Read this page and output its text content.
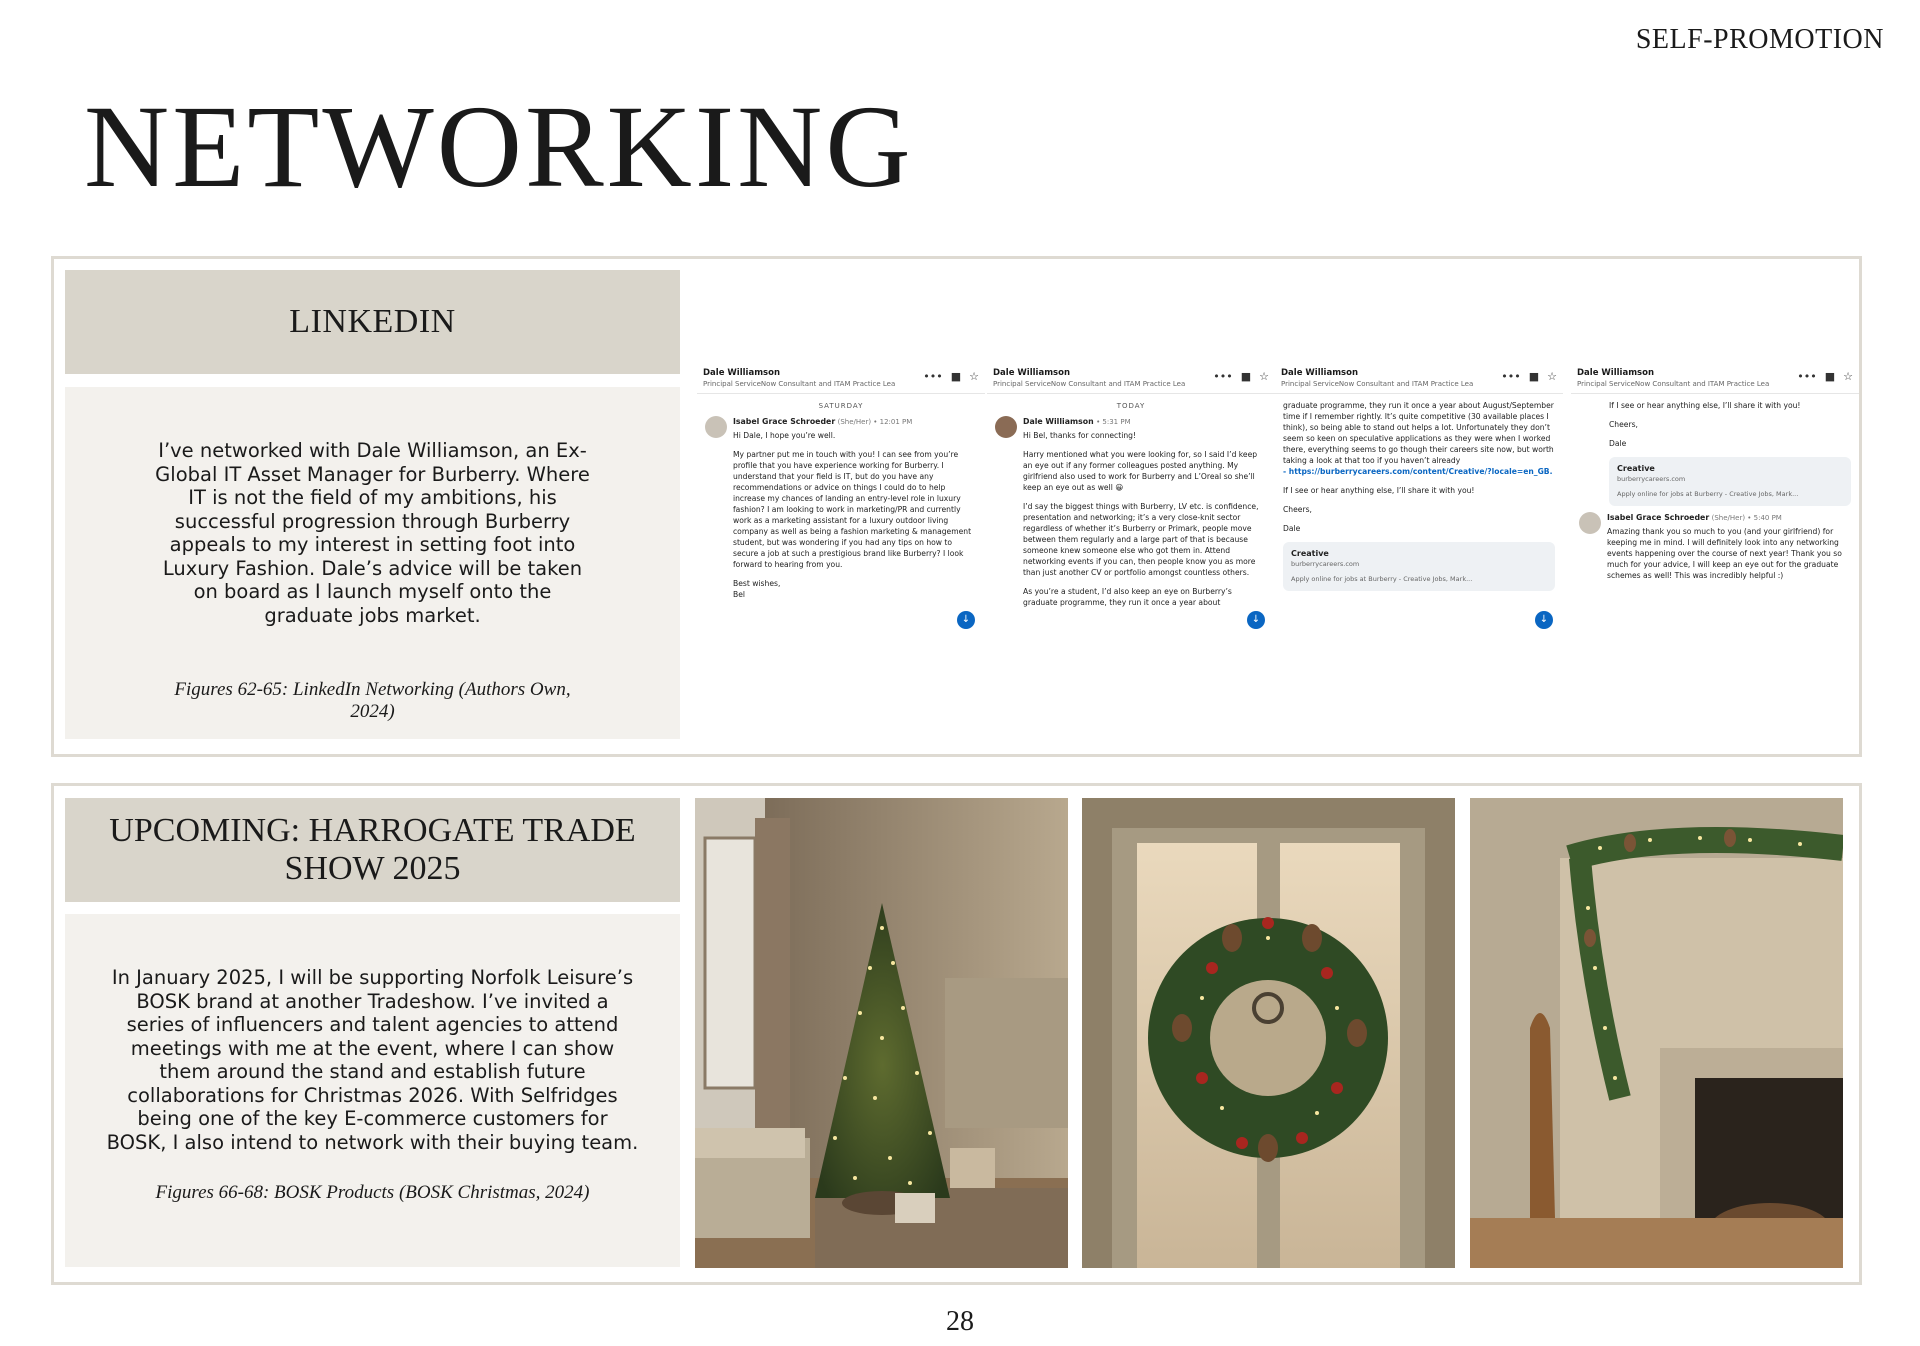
SELF-PROMOTION
NETWORKING
LINKEDIN
I’ve networked with Dale Williamson, an Ex-Global IT Asset Manager for Burberry. Where IT is not the field of my ambitions, his successful progression through Burberry appeals to my interest in setting foot into Luxury Fashion. Dale’s advice will be taken on board as I launch myself onto the graduate jobs market.
Figures 62-65: LinkedIn Networking (Authors Own, 2024)
Dale Williamson
Principal ServiceNow Consultant and ITAM Practice Lea
••• ■ ☆
SATURDAY
Isabel Grace Schroeder (She/Her) • 12:01 PM

Hi Dale, I hope you’re well.

My partner put me in touch with you! I can see from you’re profile that you have experience working for Burberry. I understand that your field is IT, but do you have any recommendations or advice on things I could do to help increase my chances of landing an entry-level role in luxury fashion? I am looking to work in marketing/PR and currently work as a marketing assistant for a luxury outdoor living company as well as being a fashion marketing & management student, but was wondering if you had any tips on how to secure a job at such a prestigious brand like Burberry? I look forward to hearing from you.

Best wishes,
Bel
↓
Dale Williamson
Principal ServiceNow Consultant and ITAM Practice Lea
••• ■ ☆
TODAY
Dale Williamson • 5:31 PM

Hi Bel, thanks for connecting!

Harry mentioned what you were looking for, so I said I’d keep an eye out if any former colleagues posted anything. My girlfriend also used to work for Burberry and L’Oreal so she’ll keep an eye out as well 😀

I’d say the biggest things with Burberry, LV etc. is confidence, presentation and networking; it’s a very close-knit sector regardless of whether it’s Burberry or Primark, people move between them regularly and a large part of that is because someone knew someone else who got them in. Attend networking events if you can, then people know you as more than just another CV or portfolio amongst countless others.

As you’re a student, I’d also keep an eye on Burberry’s graduate programme, they run it once a year about

↓
Dale Williamson
Principal ServiceNow Consultant and ITAM Practice Lea
••• ■ ☆
graduate programme, they run it once a year about August/September time if I remember rightly. It’s quite competitive (30 available places I think), so being able to stand out helps a lot. Unfortunately they don’t seem so keen on speculative applications as they were when I worked there, everything seems to go though their careers site now, but worth taking a look at that too if you haven’t already

- https://burberrycareers.com/content/Creative/?locale=en_GB.

If I see or hear anything else, I’ll share it with you!

Cheers,

Dale

Creative
burberrycareers.com
Apply online for jobs at Burberry - Creative Jobs, Mark...
↓
Dale Williamson
Principal ServiceNow Consultant and ITAM Practice Lea
••• ■ ☆

If I see or hear anything else, I’ll share it with you!

Cheers,

Dale

Creative
burberrycareers.com
Apply online for jobs at Burberry - Creative Jobs, Mark...
Isabel Grace Schroeder (She/Her) • 5:40 PM
Amazing thank you so much to you (and your girlfriend) for keeping me in mind. I will definitely look into any networking events happening over the course of next year! Thank you so much for your advice, I will keep an eye out for the graduate schemes as well! This was incredibly helpful :)
UPCOMING: HARROGATE TRADE SHOW 2025
In January 2025, I will be supporting Norfolk Leisure’s BOSK brand at another Tradeshow. I’ve invited a series of influencers and talent agencies to attend meetings with me at the event, where I can show them around the stand and establish future collaborations for Christmas 2026. With Selfridges being one of the key E-commerce customers for BOSK, I also intend to network with their buying team.
Figures 66-68: BOSK Products (BOSK Christmas, 2024)
28
